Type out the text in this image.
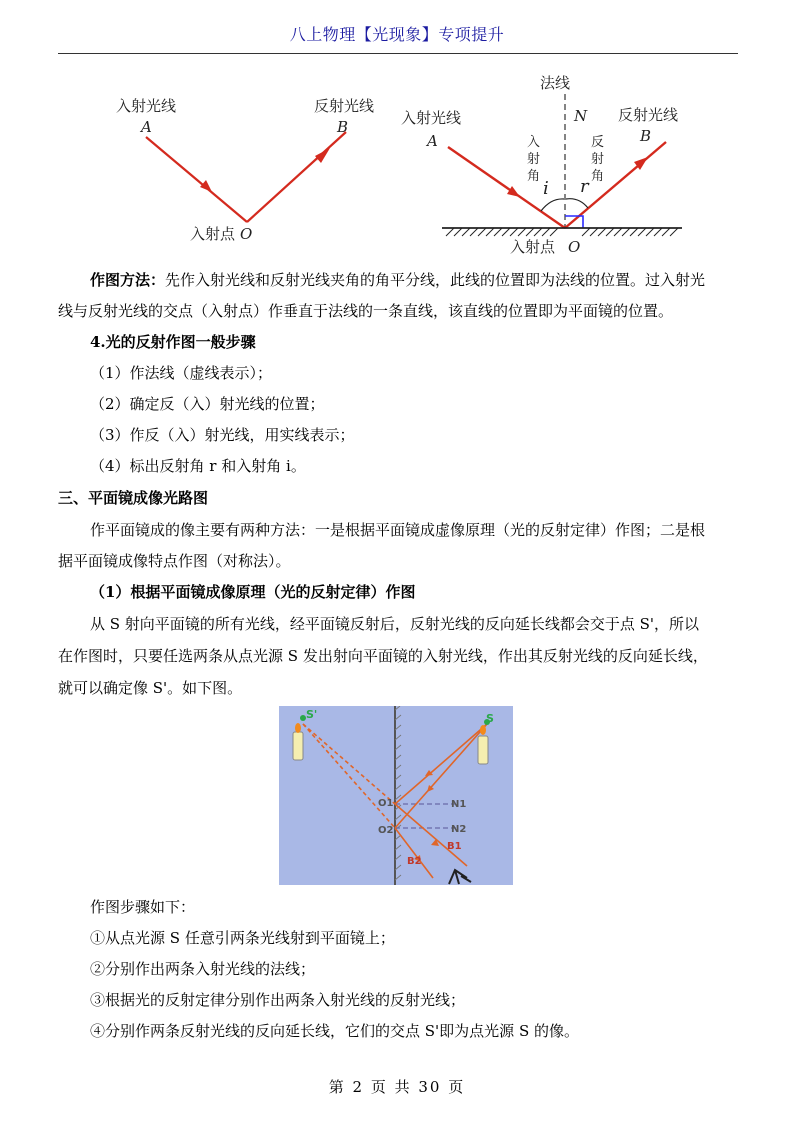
八上物理【光现象】专项提升
入射光线
A
反射光线
B
入射点 O
法线
N
入射光线
A
反射光线
B
入
射
角
反
射
角
i r
入射点 O
作图方法：先作入射光线和反射光线夹角的角平分线，此线的位置即为法线的位置。过入射光
线与反射光线的交点（入射点）作垂直于法线的一条直线，该直线的位置即为平面镜的位置。
4.光的反射作图一般步骤
（1）作法线（虚线表示）；
（2）确定反（入）射光线的位置；
（3）作反（入）射光线，用实线表示；
（4）标出反射角 r 和入射角 i。
三、平面镜成像光路图
作平面镜成的像主要有两种方法：一是根据平面镜成虚像原理（光的反射定律）作图；二是根
据平面镜成像特点作图（对称法）。
（1）根据平面镜成像原理（光的反射定律）作图
从 S 射向平面镜的所有光线，经平面镜反射后，反射光线的反向延长线都会交于点 S'，所以
在作图时，只要任选两条从点光源 S 发出射向平面镜的入射光线，作出其反射光线的反向延长线，
就可以确定像 S'。如下图。
S'	S
O1
O2
N1
N2
B1
B2
作图步骤如下：
①从点光源 S 任意引两条光线射到平面镜上；
②分别作出两条入射光线的法线；
③根据光的反射定律分别作出两条入射光线的反射光线；
④分别作两条反射光线的反向延长线，它们的交点 S'即为点光源 S 的像。
第 2 页 共 30 页
